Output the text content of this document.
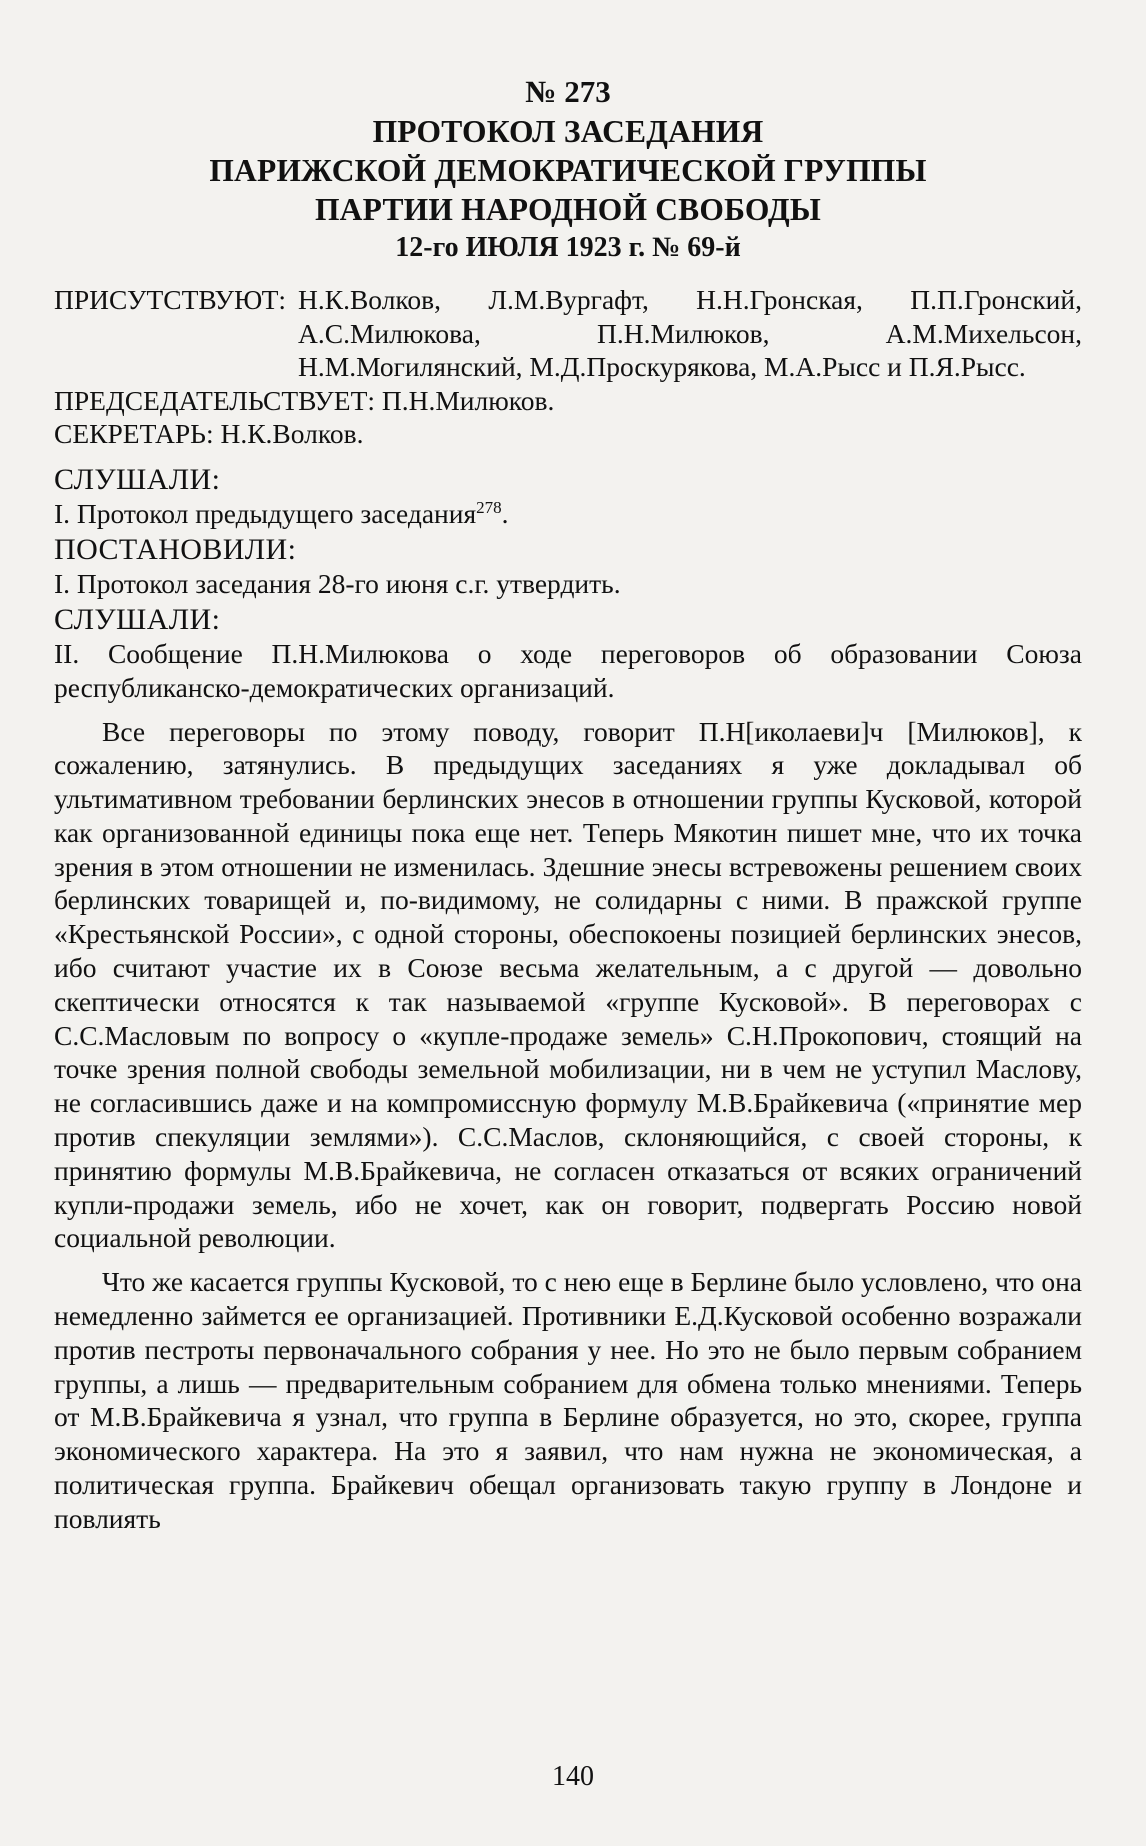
№ 273
ПРОТОКОЛ ЗАСЕДАНИЯ
ПАРИЖСКОЙ ДЕМОКРАТИЧЕСКОЙ ГРУППЫ
ПАРТИИ НАРОДНОЙ СВОБОДЫ
12-го ИЮЛЯ 1923 г. № 69-й
ПРИСУТСТВУЮТ: Н.К.Волков, Л.М.Вургафт, Н.Н.Гронская, П.П.Гронский, А.С.Милюкова, П.Н.Милюков, А.М.Михельсон, Н.М.Могилянский, М.Д.Проскурякова, М.А.Рысс и П.Я.Рысс.
ПРЕДСЕДАТЕЛЬСТВУЕТ: П.Н.Милюков.
СЕКРЕТАРЬ: Н.К.Волков.
СЛУШАЛИ:
I. Протокол предыдущего заседания$^{278}$.
ПОСТАНОВИЛИ:
I. Протокол заседания 28-го июня с.г. утвердить.
СЛУШАЛИ:
II. Сообщение П.Н.Милюкова о ходе переговоров об образовании Союза республиканско-демократических организаций.

Все переговоры по этому поводу, говорит П.Н[иколаеви]ч [Милюков], к сожалению, затянулись. В предыдущих заседаниях я уже докладывал об ультимативном требовании берлинских энесов в отношении группы Кусковой, которой как организованной единицы пока еще нет. Теперь Мякотин пишет мне, что их точка зрения в этом отношении не изменилась. Здешние энесы встревожены решением своих берлинских товарищей и, по-видимому, не солидарны с ними. В пражской группе «Крестьянской России», с одной стороны, обеспокоены позицией берлинских энесов, ибо считают участие их в Союзе весьма желательным, а с другой — довольно скептически относятся к так называемой «группе Кусковой». В переговорах с С.С.Масловым по вопросу о «купле-продаже земель» С.Н.Прокопович, стоящий на точке зрения полной свободы земельной мобилизации, ни в чем не уступил Маслову, не согласившись даже и на компромиссную формулу М.В.Брайкевича («принятие мер против спекуляции землями»). С.С.Маслов, склоняющийся, с своей стороны, к принятию формулы М.В.Брайкевича, не согласен отказаться от всяких ограничений купли-продажи земель, ибо не хочет, как он говорит, подвергать Россию новой социальной революции.

Что же касается группы Кусковой, то с нею еще в Берлине было условлено, что она немедленно займется ее организацией. Противники Е.Д.Кусковой особенно возражали против пестроты первоначального собрания у нее. Но это не было первым собранием группы, а лишь — предварительным собранием для обмена только мнениями. Теперь от М.В.Брайкевича я узнал, что группа в Берлине образуется, но это, скорее, группа экономического характера. На это я заявил, что нам нужна не экономическая, а политическая группа. Брайкевич обещал организовать такую группу в Лондоне и повлиять

140
